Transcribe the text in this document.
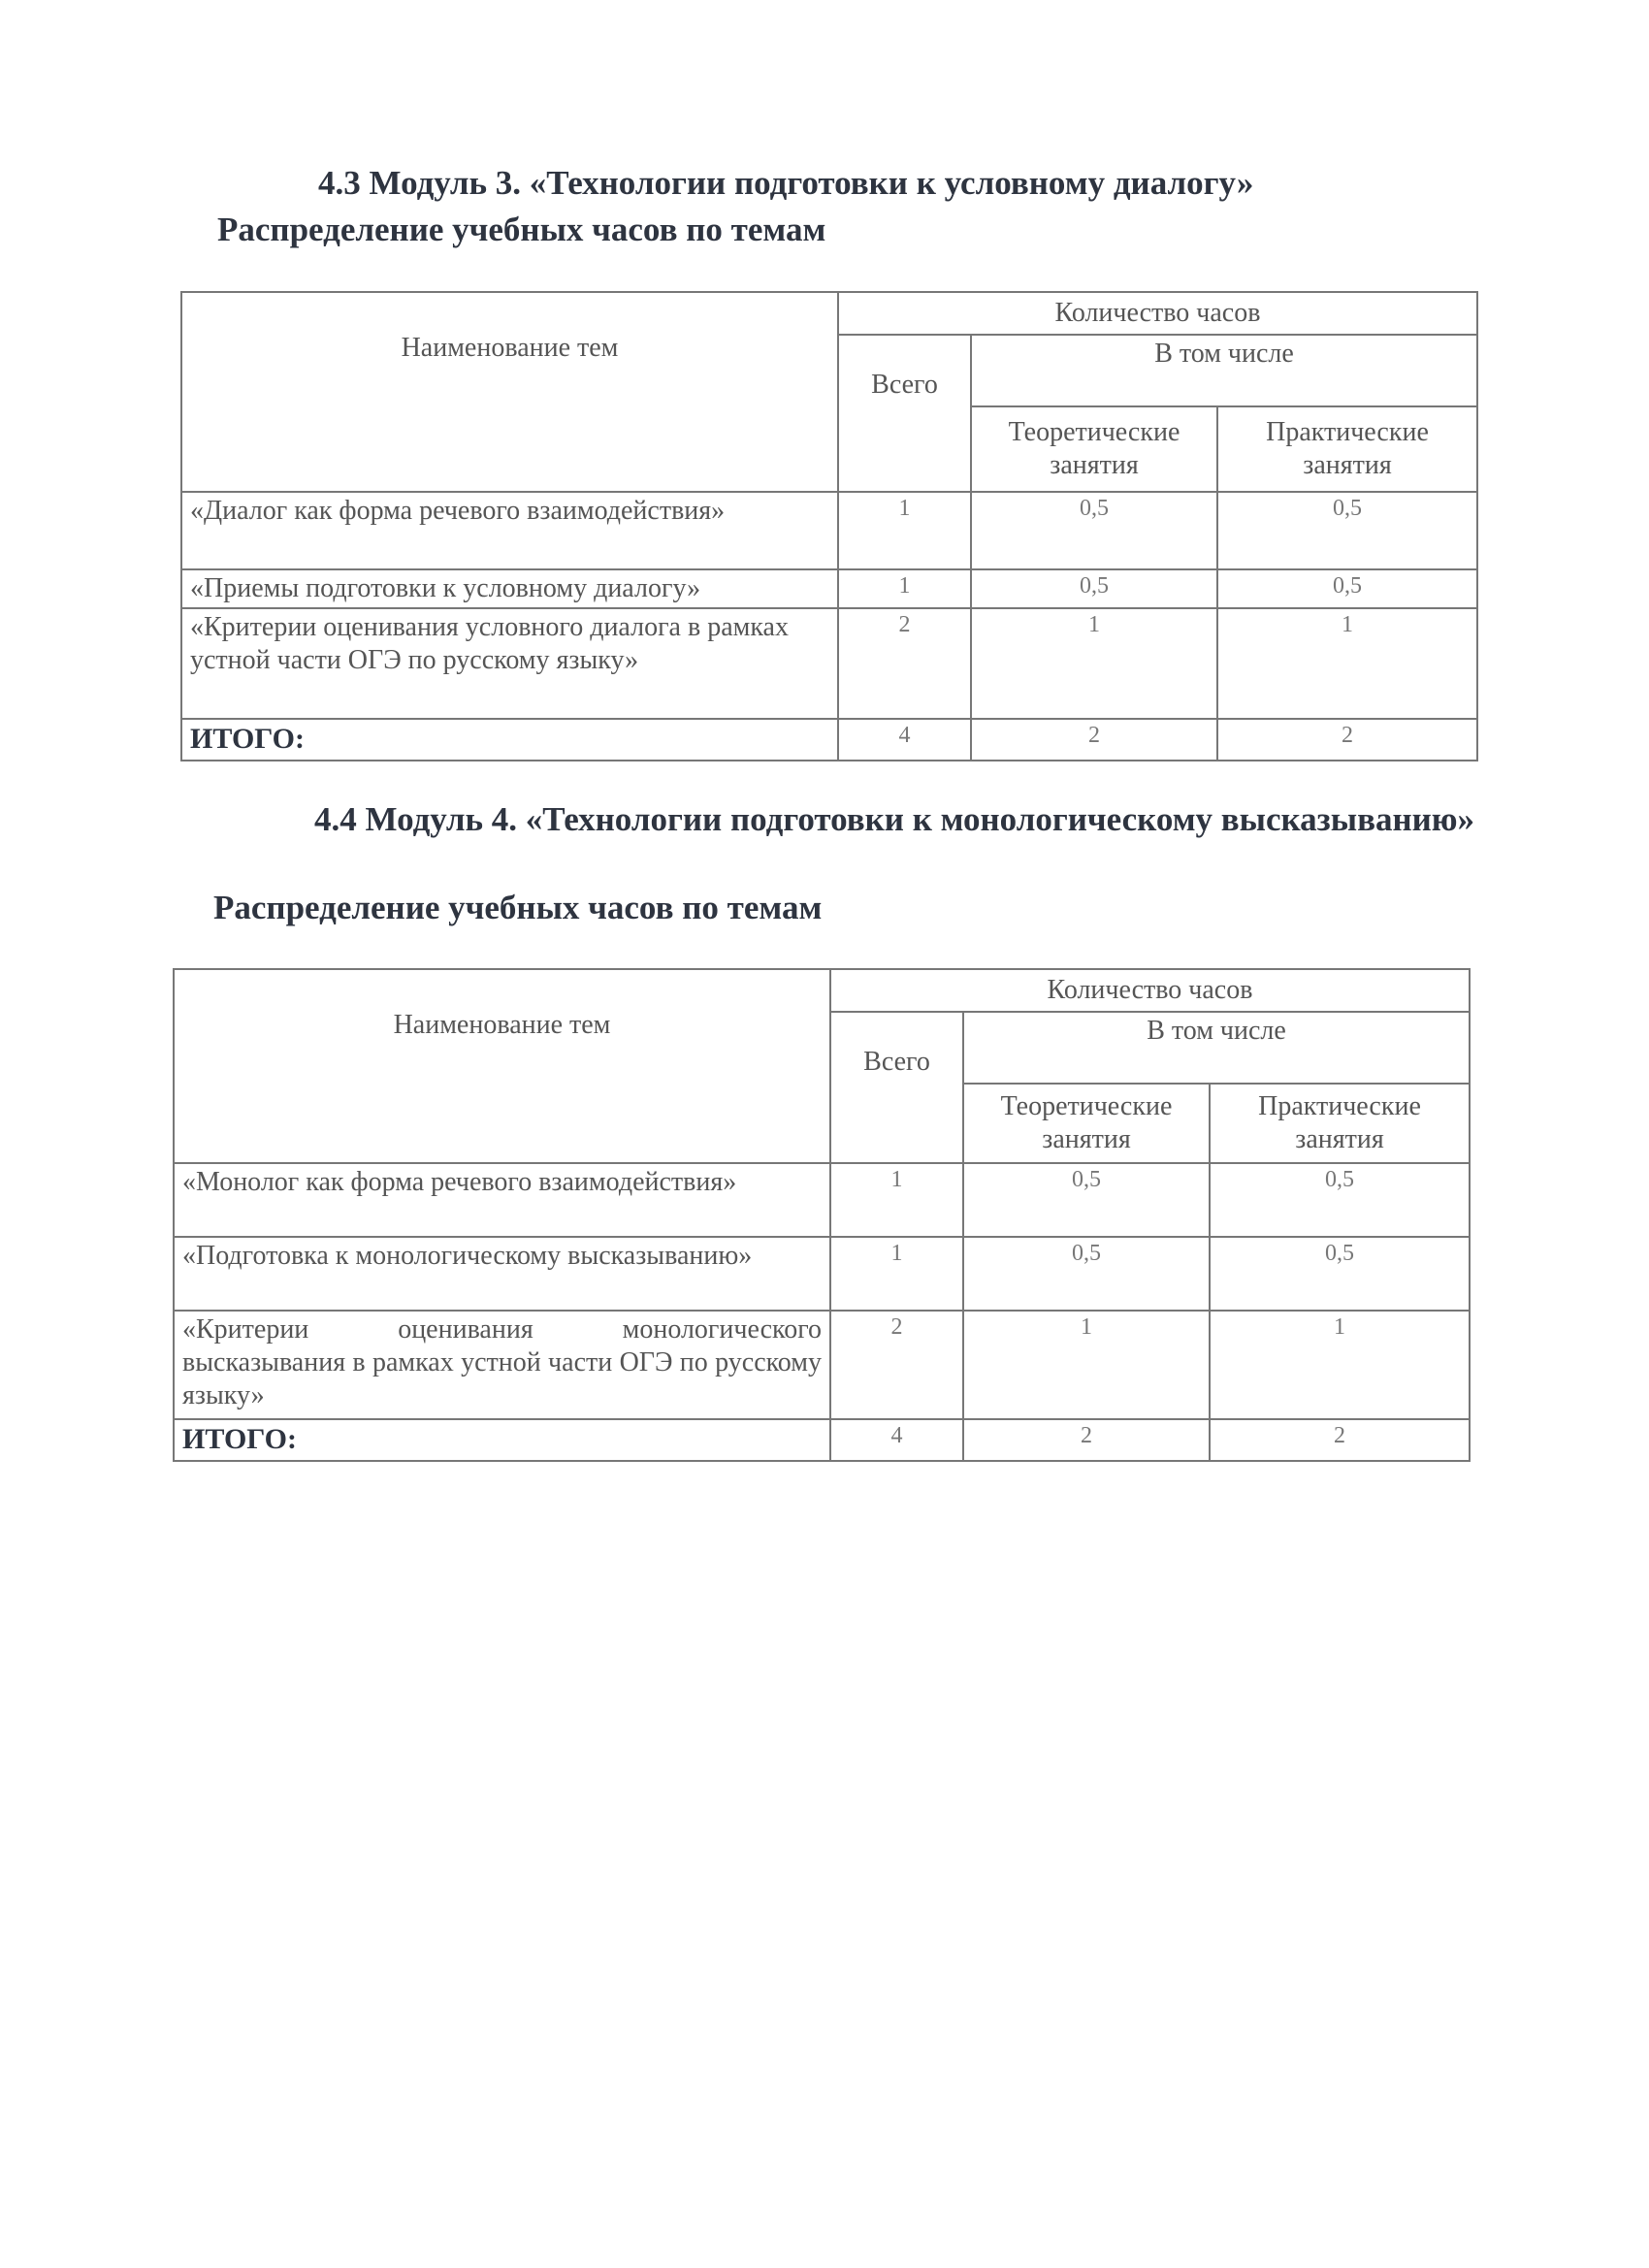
4.3 Модуль 3. «Технологии подготовки к условному диалогу»

Распределение учебных часов по темам

Наименование тем	Количество часов		
	Всего	В том числе	
		Теоретические занятия	Практические занятия
«Диалог как форма речевого взаимодействия»	1	0,5	0,5
«Приемы подготовки к условному диалогу»	1	0,5	0,5
«Критерии оценивания условного диалога в рамках устной части ОГЭ по русскому языку»	2	1	1
ИТОГО:	4	2	2

4.4 Модуль 4. «Технологии подготовки к монологическому высказыванию»

Распределение учебных часов по темам

Наименование тем	Количество часов		
	Всего	В том числе	
		Теоретические занятия	Практические занятия
«Монолог как форма речевого взаимодействия»	1	0,5	0,5
«Подготовка к монологическому высказыванию»	1	0,5	0,5
«Критерии оценивания монологического высказывания в рамках устной части ОГЭ по русскому языку»	2	1	1
ИТОГО:	4	2	2
